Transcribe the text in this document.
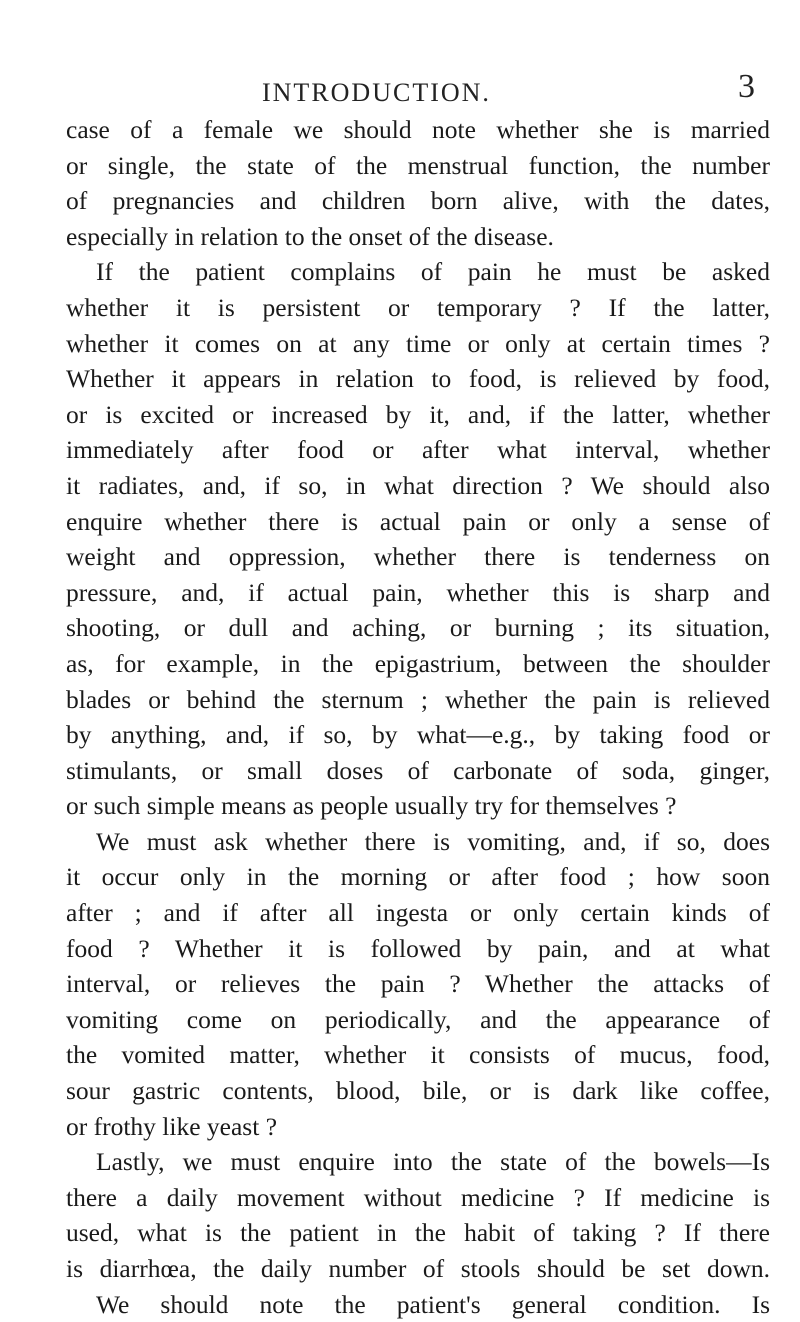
INTRODUCTION.	3
case of a female we should note whether she is married
or single, the state of the menstrual function, the number
of pregnancies and children born alive, with the dates,
especially in relation to the onset of the disease.
If the patient complains of pain he must be asked
whether it is persistent or temporary ? If the latter,
whether it comes on at any time or only at certain times ?
Whether it appears in relation to food, is relieved by food,
or is excited or increased by it, and, if the latter, whether
immediately after food or after what interval, whether
it radiates, and, if so, in what direction ? We should also
enquire whether there is actual pain or only a sense of
weight and oppression, whether there is tenderness on
pressure, and, if actual pain, whether this is sharp and
shooting, or dull and aching, or burning ; its situation,
as, for example, in the epigastrium, between the shoulder
blades or behind the sternum ; whether the pain is relieved
by anything, and, if so, by what—e.g., by taking food or
stimulants, or small doses of carbonate of soda, ginger,
or such simple means as people usually try for themselves ?
We must ask whether there is vomiting, and, if so, does
it occur only in the morning or after food ; how soon
after ; and if after all ingesta or only certain kinds of
food ? Whether it is followed by pain, and at what
interval, or relieves the pain ? Whether the attacks of
vomiting come on periodically, and the appearance of
the vomited matter, whether it consists of mucus, food,
sour gastric contents, blood, bile, or is dark like coffee,
or frothy like yeast ?
Lastly, we must enquire into the state of the bowels—Is
there a daily movement without medicine ? If medicine is
used, what is the patient in the habit of taking ? If there
is diarrhœa, the daily number of stools should be set down.
We should note the patient's general condition. Is
